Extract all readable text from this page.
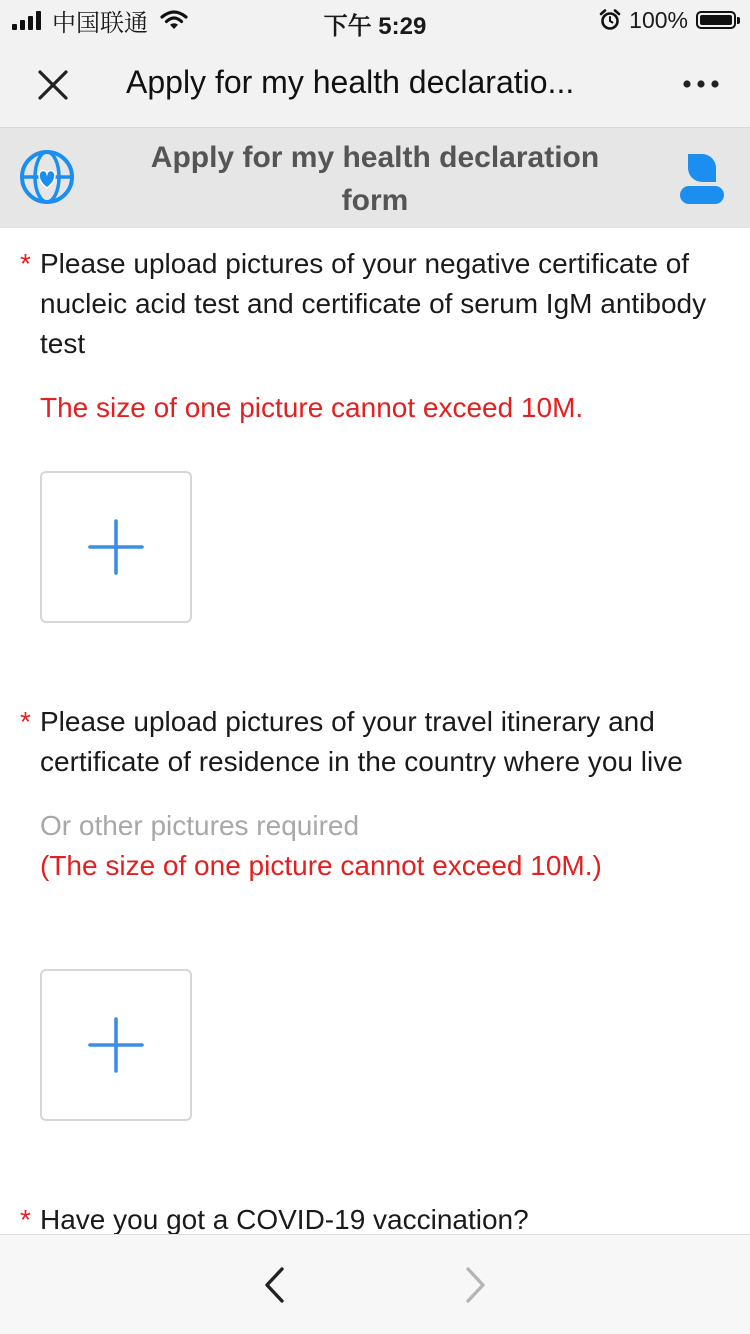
中国联通	下午 5:29	100%
Apply for my health declaratio...
Apply for my health declaration form
* Please upload pictures of your negative certificate of nucleic acid test and certificate of serum IgM antibody test
The size of one picture cannot exceed 10M.
* Please upload pictures of your travel itinerary and certificate of residence in the country where you live
Or other pictures required
(The size of one picture cannot exceed 10M.)
* Have you got a COVID-19 vaccination?
